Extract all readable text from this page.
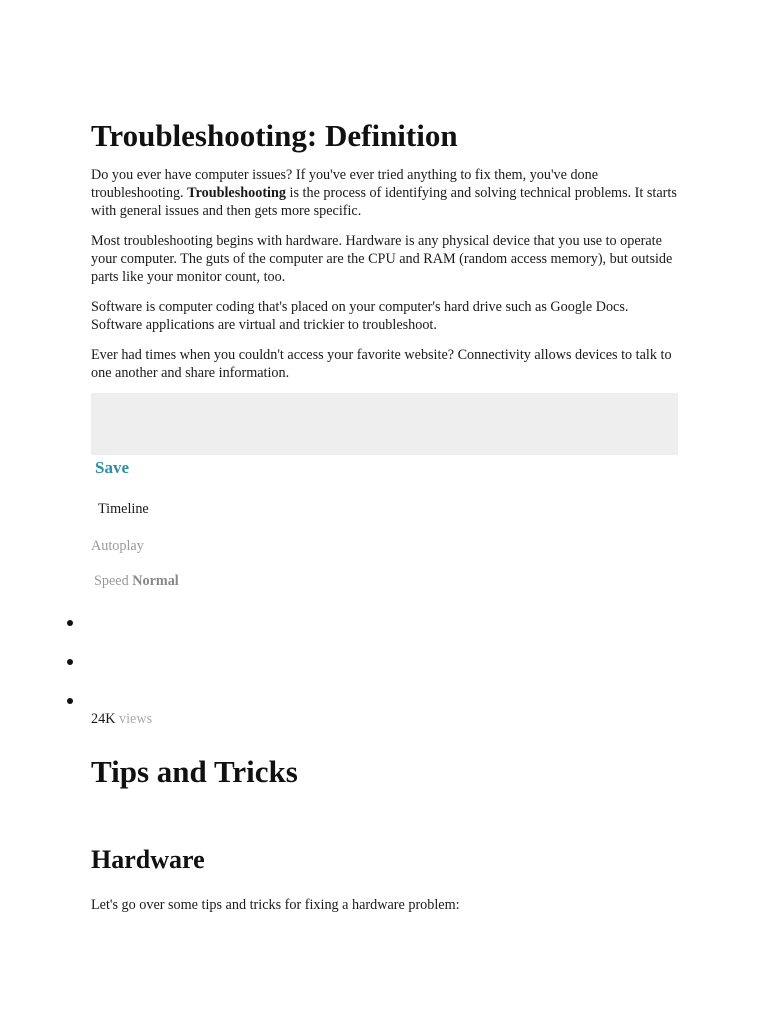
Troubleshooting: Definition

Do you ever have computer issues? If you've ever tried anything to fix them, you've done troubleshooting. Troubleshooting is the process of identifying and solving technical problems. It starts with general issues and then gets more specific.

Most troubleshooting begins with hardware. Hardware is any physical device that you use to operate your computer. The guts of the computer are the CPU and RAM (random access memory), but outside parts like your monitor count, too.

Software is computer coding that's placed on your computer's hard drive such as Google Docs. Software applications are virtual and trickier to troubleshoot.

Ever had times when you couldn't access your favorite website? Connectivity allows devices to talk to one another and share information.

Save
Timeline
Autoplay
Speed Normal
24K views
Tips and Tricks
Hardware

Let's go over some tips and tricks for fixing a hardware problem:
